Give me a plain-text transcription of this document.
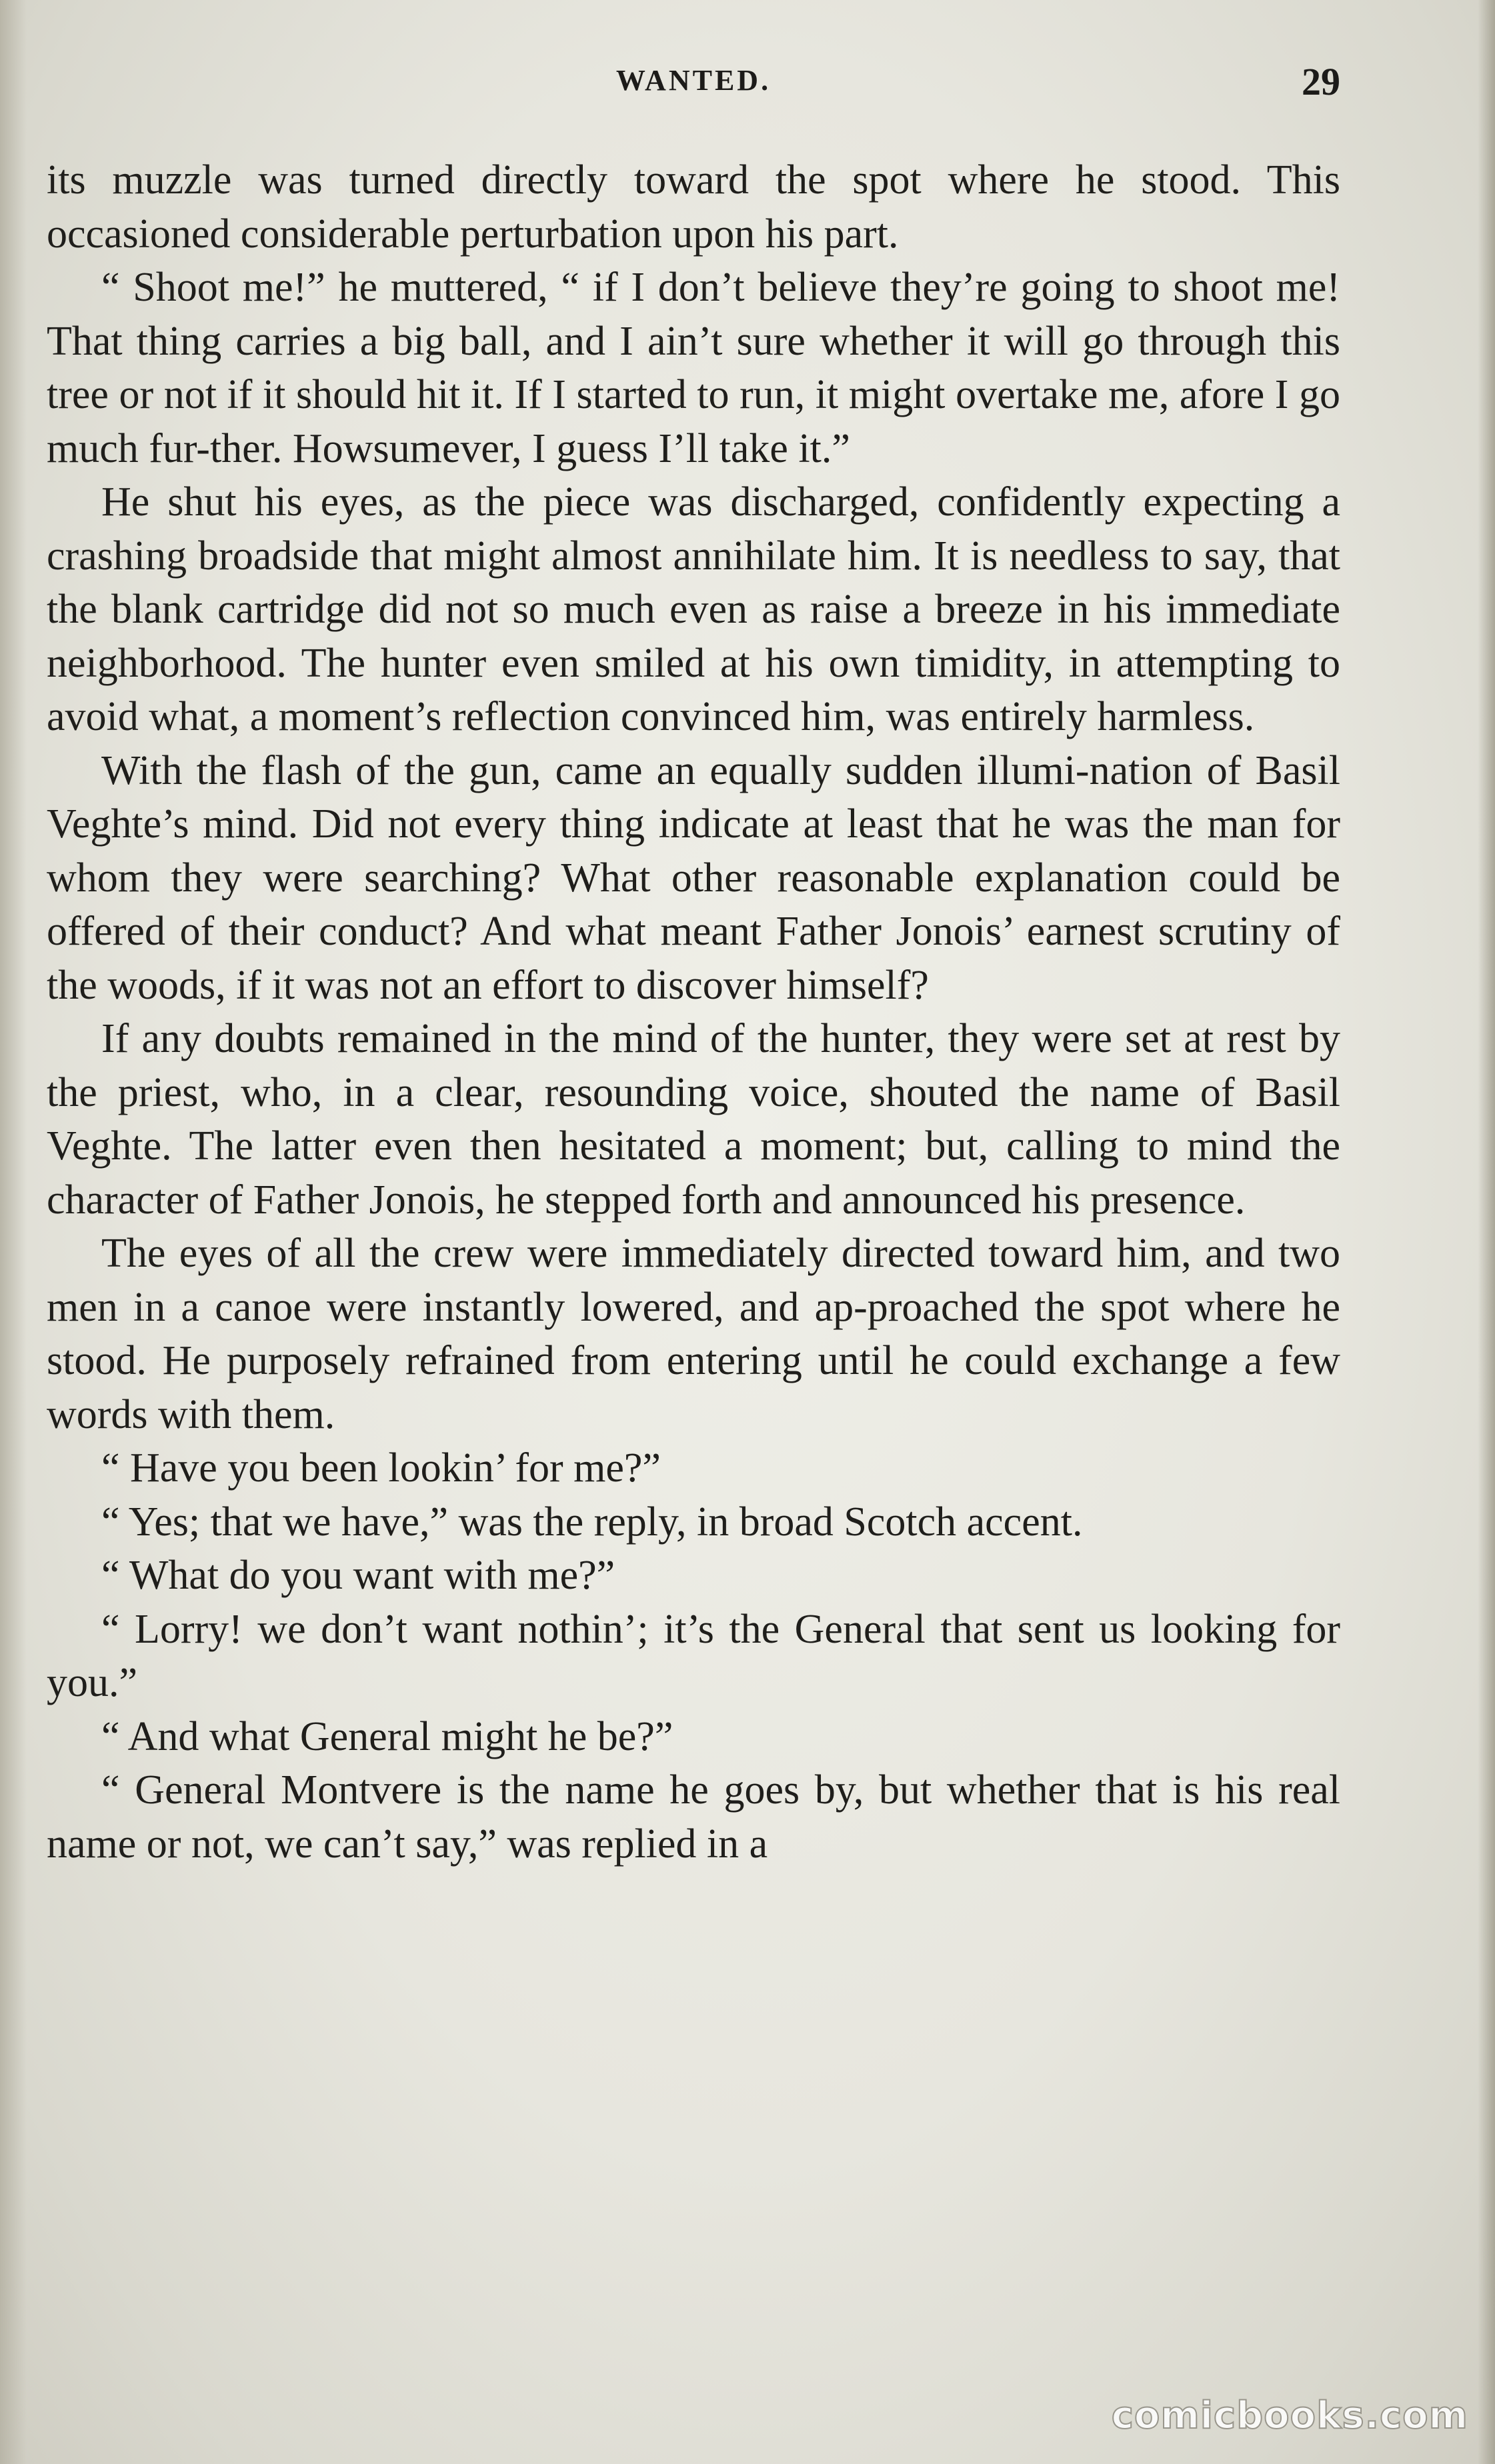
WANTED.	29

its muzzle was turned directly toward the spot where he stood. This occasioned considerable perturbation upon his part.

“ Shoot me!” he muttered, “ if I don’t believe they’re going to shoot me! That thing carries a big ball, and I ain’t sure whether it will go through this tree or not if it should hit it. If I started to run, it might overtake me, afore I go much fur-ther. Howsumever, I guess I’ll take it.”

He shut his eyes, as the piece was discharged, confidently expecting a crashing broadside that might almost annihilate him. It is needless to say, that the blank cartridge did not so much even as raise a breeze in his immediate neighborhood. The hunter even smiled at his own timidity, in attempting to avoid what, a moment’s reflection convinced him, was entirely harmless.

With the flash of the gun, came an equally sudden illumi-nation of Basil Veghte’s mind. Did not every thing indicate at least that he was the man for whom they were searching? What other reasonable explanation could be offered of their conduct? And what meant Father Jonois’ earnest scrutiny of the woods, if it was not an effort to discover himself?

If any doubts remained in the mind of the hunter, they were set at rest by the priest, who, in a clear, resounding voice, shouted the name of Basil Veghte. The latter even then hesitated a moment; but, calling to mind the character of Father Jonois, he stepped forth and announced his presence.

The eyes of all the crew were immediately directed toward him, and two men in a canoe were instantly lowered, and ap-proached the spot where he stood. He purposely refrained from entering until he could exchange a few words with them.

“ Have you been lookin’ for me?”

“ Yes; that we have,” was the reply, in broad Scotch accent.

“ What do you want with me?”

“ Lorry! we don’t want nothin’; it’s the General that sent us looking for you.”

“ And what General might he be?”

“ General Montvere is the name he goes by, but whether that is his real name or not, we can’t say,” was replied in a

comicbooks.com
